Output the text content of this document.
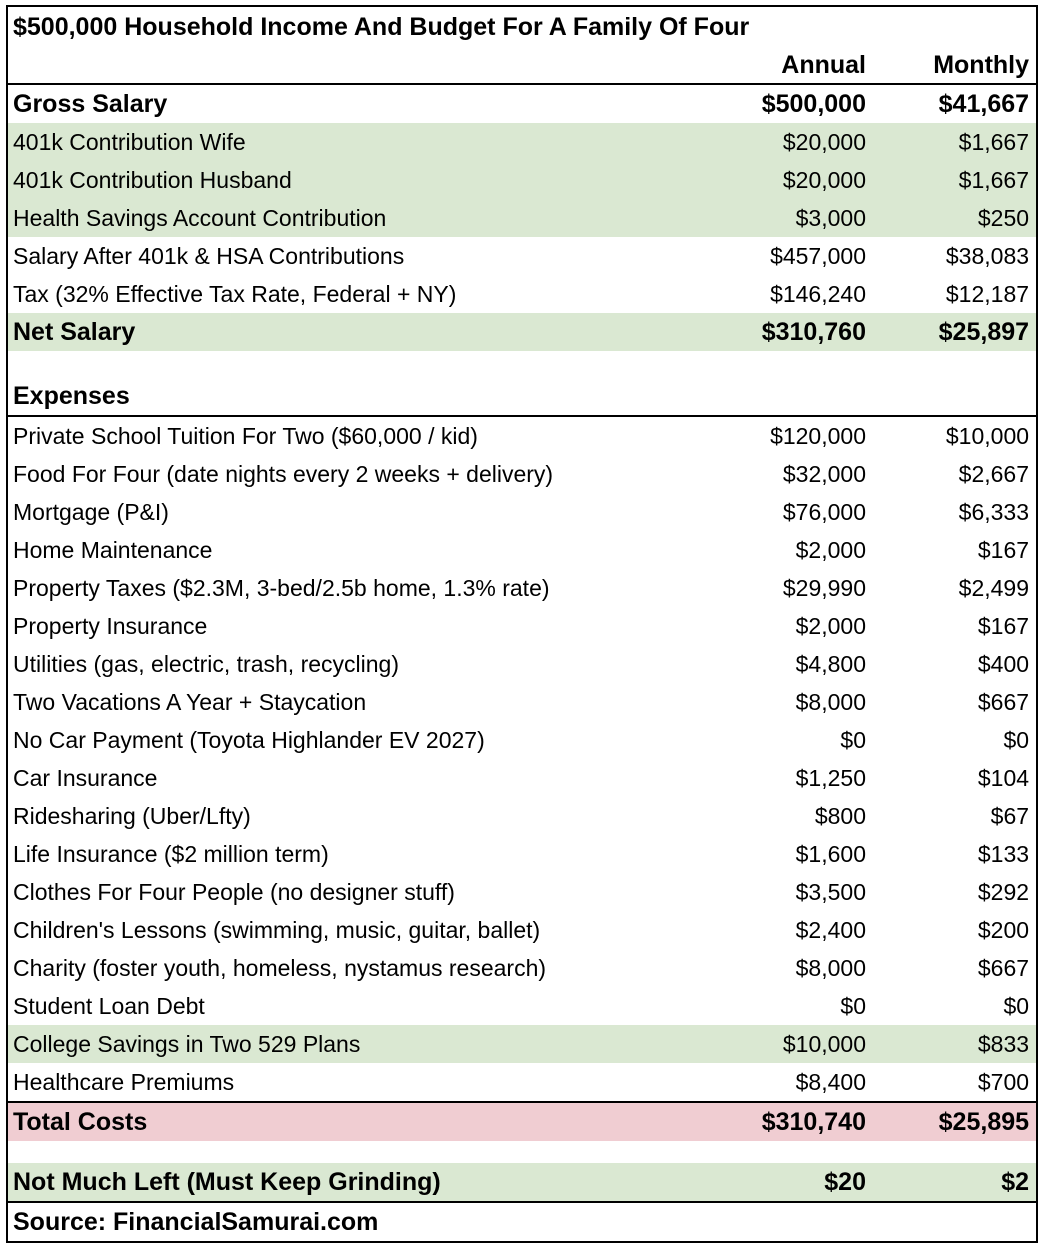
$500,000 Household Income And Budget For A Family Of Four		
	Annual	Monthly
Gross Salary	$500,000	$41,667
401k Contribution Wife	$20,000	$1,667
401k Contribution Husband	$20,000	$1,667
Health Savings Account Contribution	$3,000	$250
Salary After 401k & HSA Contributions	$457,000	$38,083
Tax (32% Effective Tax Rate, Federal + NY)	$146,240	$12,187
Net Salary	$310,760	$25,897

Expenses		
Private School Tuition For Two ($60,000 / kid)	$120,000	$10,000
Food For Four (date nights every 2 weeks + delivery)	$32,000	$2,667
Mortgage (P&I)	$76,000	$6,333
Home Maintenance	$2,000	$167
Property Taxes ($2.3M, 3-bed/2.5b home, 1.3% rate)	$29,990	$2,499
Property Insurance	$2,000	$167
Utilities (gas, electric, trash, recycling)	$4,800	$400
Two Vacations A Year + Staycation	$8,000	$667
No Car Payment (Toyota Highlander EV 2027)	$0	$0
Car Insurance	$1,250	$104
Ridesharing (Uber/Lfty)	$800	$67
Life Insurance ($2 million term)	$1,600	$133
Clothes For Four People (no designer stuff)	$3,500	$292
Children's Lessons (swimming, music, guitar, ballet)	$2,400	$200
Charity (foster youth, homeless, nystamus research)	$8,000	$667
Student Loan Debt	$0	$0
College Savings in Two 529 Plans	$10,000	$833
Healthcare Premiums	$8,400	$700
Total Costs	$310,740	$25,895

Not Much Left (Must Keep Grinding)	$20	$2
Source: FinancialSamurai.com		
